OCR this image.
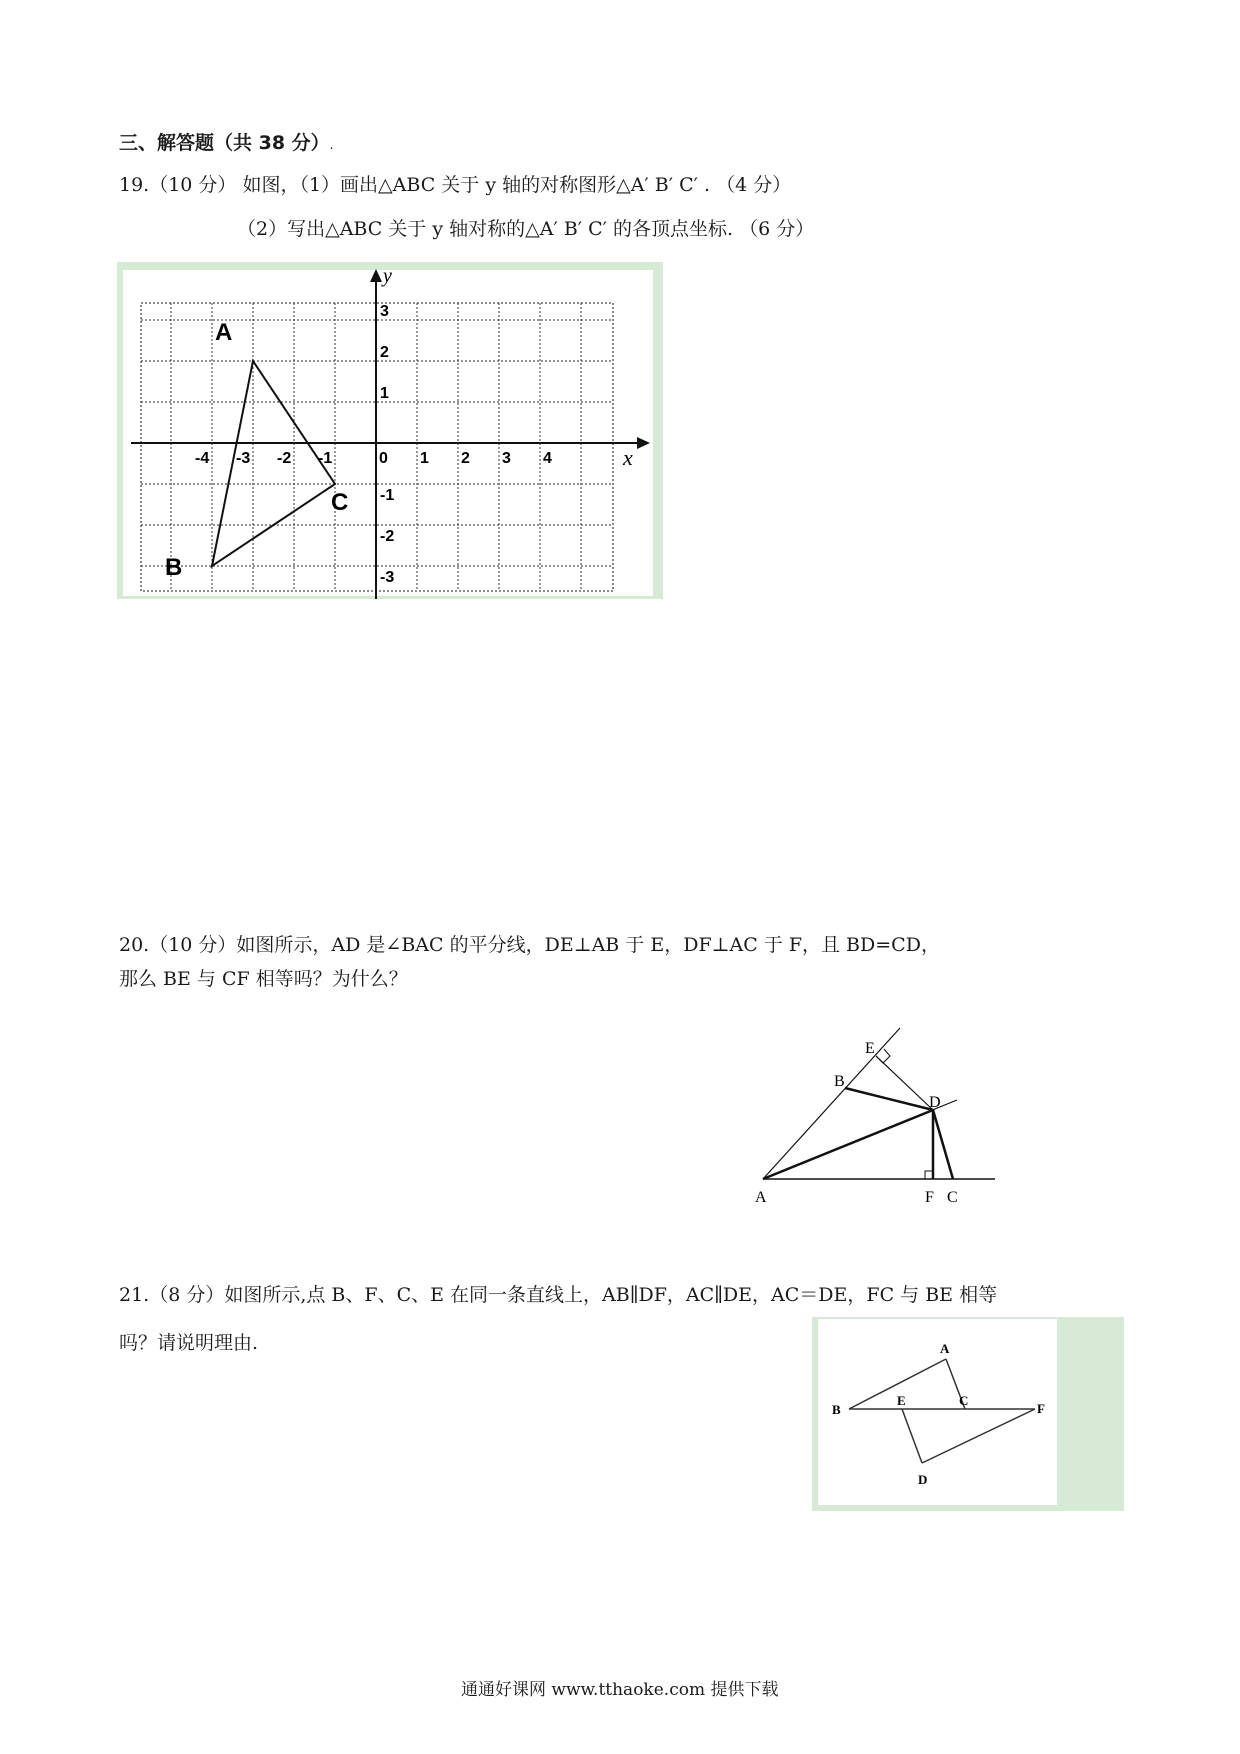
三、解答题（共 38 分）.
19.（10 分） 如图，（1）画出△ABC 关于 y 轴的对称图形△A′ B′ C′ . （4 分）
（2）写出△ABC 关于 y 轴对称的△A′ B′ C′ 的各顶点坐标. （6 分）
x
y
-4 -3 -2 -1	0 1 2 3 4
3
2
1
-1
-2
-3
A
B
C
20.（10 分）如图所示，AD 是∠BAC 的平分线，DE⊥AB 于 E，DF⊥AC 于 F，且 BD=CD，
那么 BE 与 CF 相等吗？为什么？
A
B
C
D
E
F
21.（8 分）如图所示,点 B、F、C、E 在同一条直线上，AB∥DF，AC∥DE，AC＝DE，FC 与 BE 相等
吗？请说明理由.	A
B
C
D
E
F
通通好课网 www.tthaoke.com 提供下载
